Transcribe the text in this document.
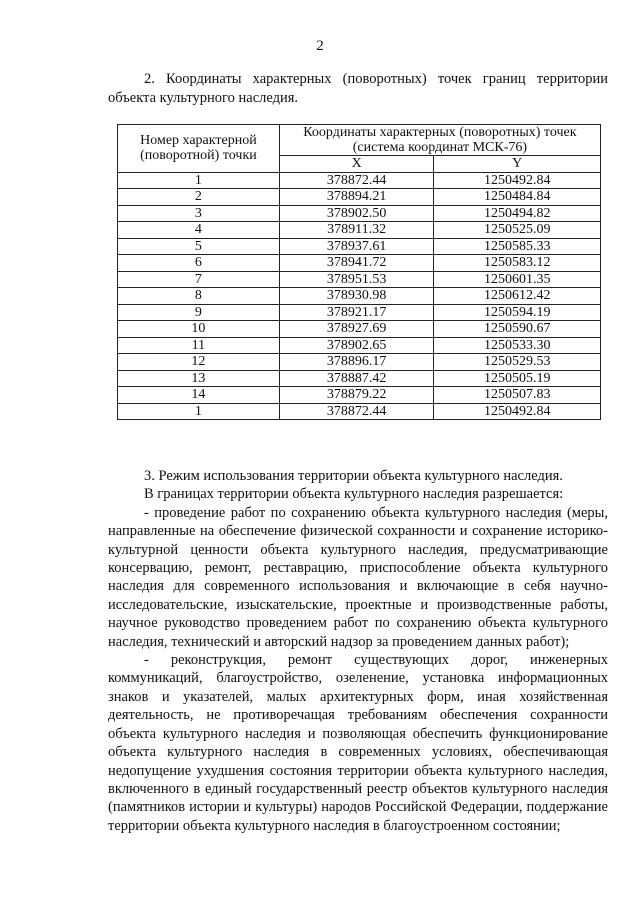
2
2. Координаты характерных (поворотных) точек границ территории объекта культурного наследия.
Номер характерной (поворотной) точки	Координаты характерных (поворотных) точек (система координат МСК-76)	
	X	Y
1	378872.44	1250492.84
2	378894.21	1250484.84
3	378902.50	1250494.82
4	378911.32	1250525.09
5	378937.61	1250585.33
6	378941.72	1250583.12
7	378951.53	1250601.35
8	378930.98	1250612.42
9	378921.17	1250594.19
10	378927.69	1250590.67
11	378902.65	1250533.30
12	378896.17	1250529.53
13	378887.42	1250505.19
14	378879.22	1250507.83
1	378872.44	1250492.84

3. Режим использования территории объекта культурного наследия.

В границах территории объекта культурного наследия разрешается:

- проведение работ по сохранению объекта культурного наследия (меры, направленные на обеспечение физической сохранности и сохранение историко-культурной ценности объекта культурного наследия, предусматривающие консервацию, ремонт, реставрацию, приспособление объекта культурного наследия для современного использования и включающие в себя научно-исследовательские, изыскательские, проектные и производственные работы, научное руководство проведением работ по сохранению объекта культурного наследия, технический и авторский надзор за проведением данных работ);

- реконструкция, ремонт существующих дорог, инженерных коммуникаций, благоустройство, озеленение, установка информационных знаков и указателей, малых архитектурных форм, иная хозяйственная деятельность, не противоречащая требованиям обеспечения сохранности объекта культурного наследия и позволяющая обеспечить функционирование объекта культурного наследия в современных условиях, обеспечивающая недопущение ухудшения состояния территории объекта культурного наследия, включенного в единый государственный реестр объектов культурного наследия (памятников истории и культуры) народов Российской Федерации, поддержание территории объекта культурного наследия в благоустроенном состоянии;
